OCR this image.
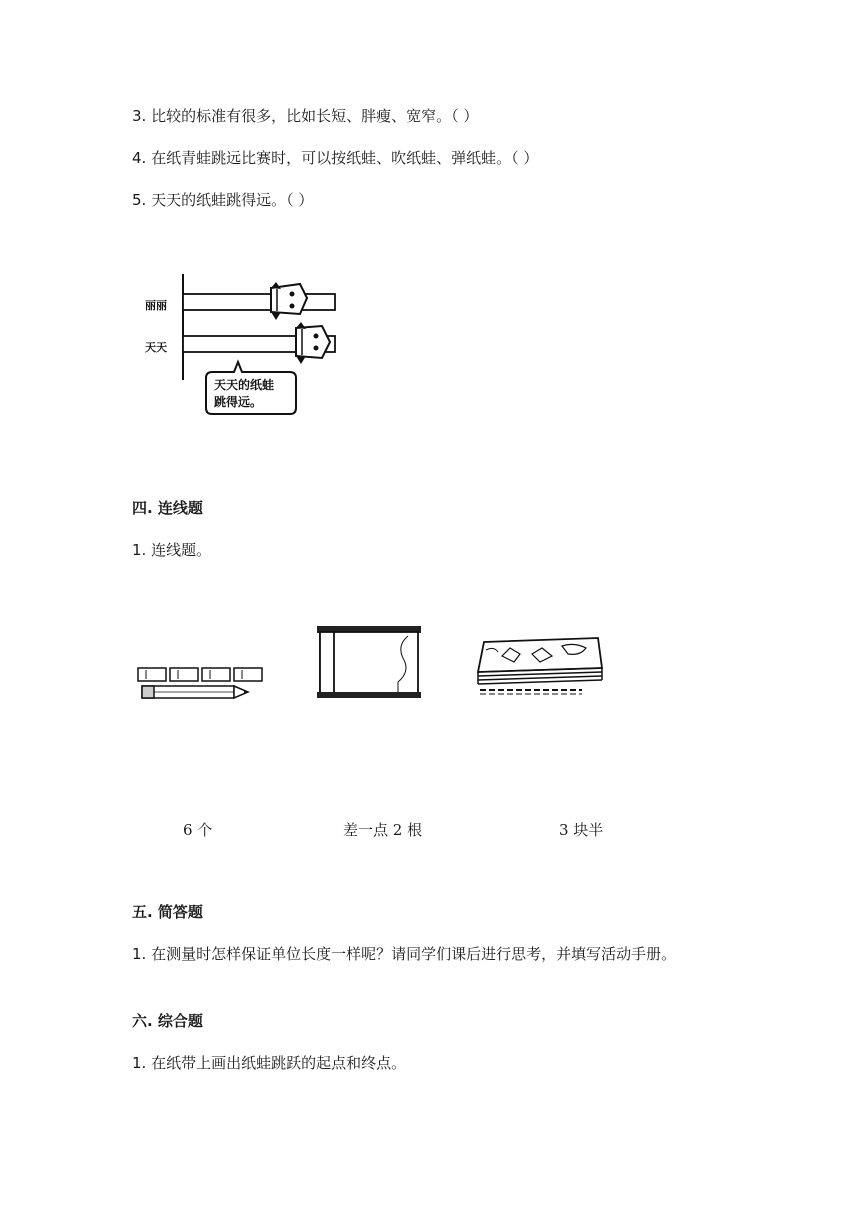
3. 比较的标准有很多，比如长短、胖瘦、宽窄。（ ）
4. 在纸青蛙跳远比赛时，可以按纸蛙、吹纸蛙、弹纸蛙。（ ）
5. 天天的纸蛙跳得远。（ ）
丽丽
天天
天天的纸蛙
跳得远。
四. 连线题
1. 连线题。
6 个	差一点 2 根	3 块半
五. 简答题
1. 在测量时怎样保证单位长度一样呢？请同学们课后进行思考，并填写活动手册。
六. 综合题
1. 在纸带上画出纸蛙跳跃的起点和终点。
